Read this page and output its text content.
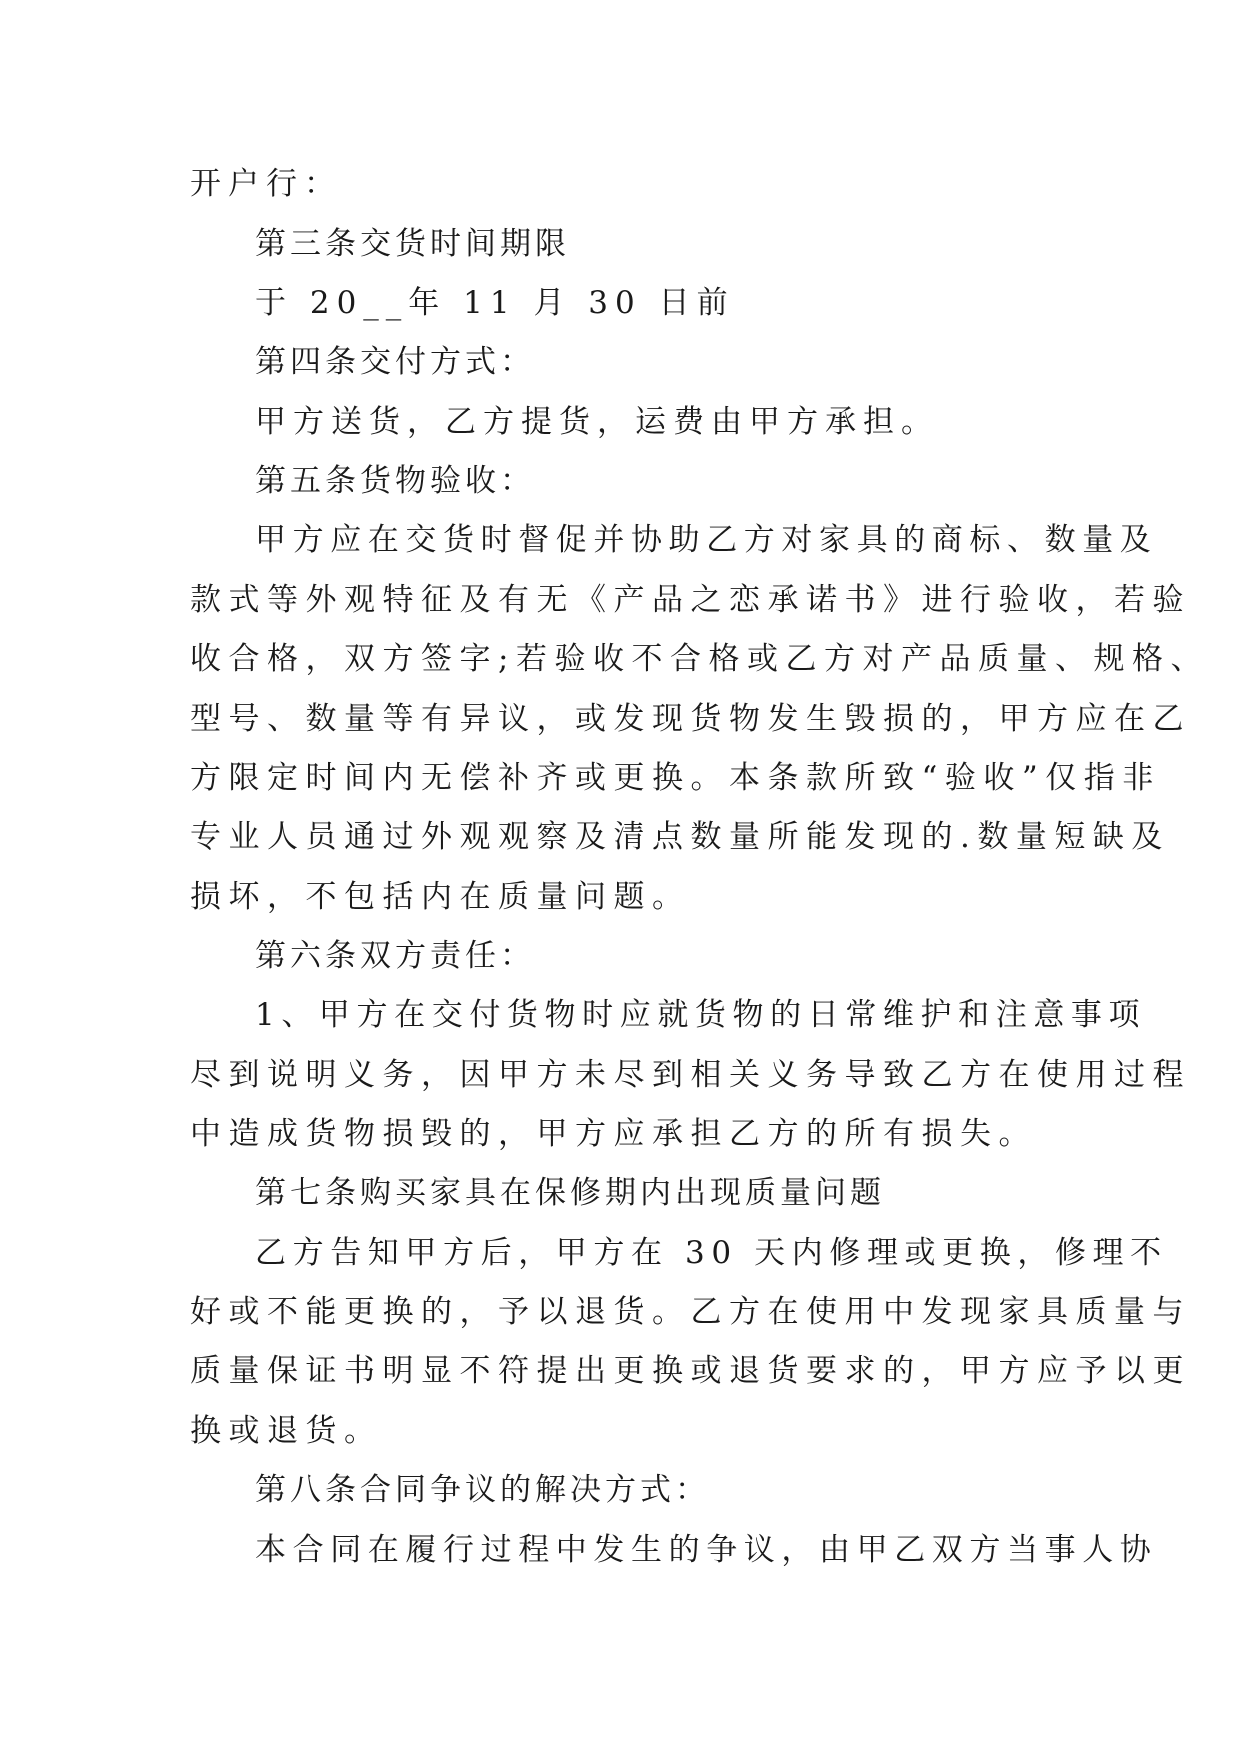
开户行：
第三条交货时间期限
于 20__年 11 月 30 日前
第四条交付方式：
甲方送货，乙方提货，运费由甲方承担。
第五条货物验收：
甲方应在交货时督促并协助乙方对家具的商标、数量及
款式等外观特征及有无《产品之恋承诺书》进行验收，若验
收合格，双方签字;若验收不合格或乙方对产品质量、规格、
型号、数量等有异议，或发现货物发生毁损的，甲方应在乙
方限定时间内无偿补齐或更换。本条款所致“验收”仅指非
专业人员通过外观观察及清点数量所能发现的.数量短缺及
损坏，不包括内在质量问题。
第六条双方责任：
1、甲方在交付货物时应就货物的日常维护和注意事项
尽到说明义务，因甲方未尽到相关义务导致乙方在使用过程
中造成货物损毁的，甲方应承担乙方的所有损失。
第七条购买家具在保修期内出现质量问题
乙方告知甲方后，甲方在 30 天内修理或更换，修理不
好或不能更换的，予以退货。乙方在使用中发现家具质量与
质量保证书明显不符提出更换或退货要求的，甲方应予以更
换或退货。
第八条合同争议的解决方式：
本合同在履行过程中发生的争议，由甲乙双方当事人协
